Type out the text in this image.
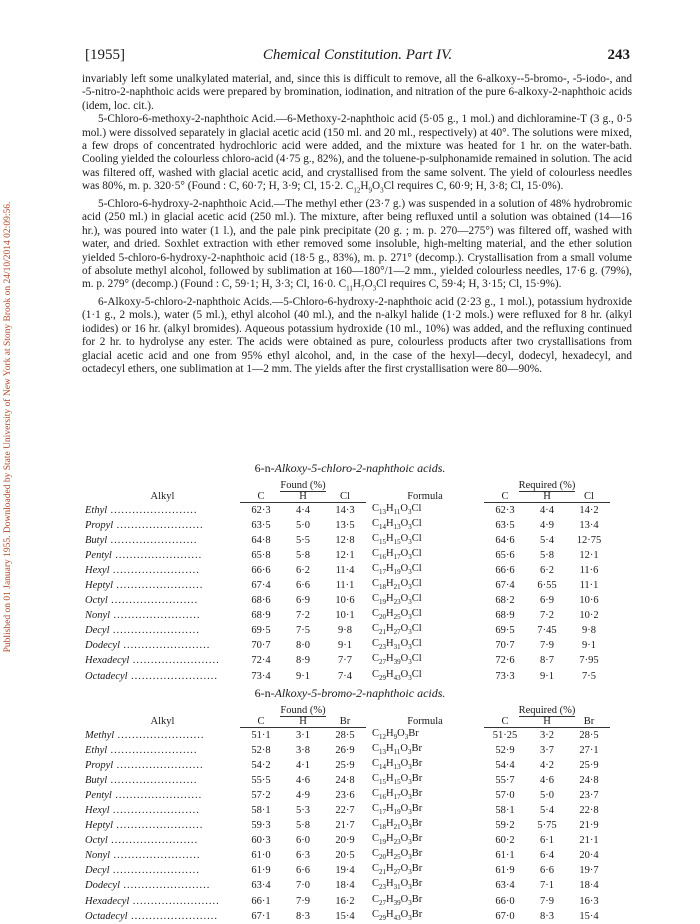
Published on 01 January 1955. Downloaded by State University of New York at Stony Brook on 24/10/2014 02:09:56.
[1955]	Chemical Constitution. Part IV.	243

invariably left some unalkylated material, and, since this is difficult to remove, all the 6-alkoxy--5-bromo-, -5-iodo-, and -5-nitro-2-naphthoic acids were prepared by bromination, iodination, and nitration of the pure 6-alkoxy-2-naphthoic acids (idem, loc. cit.).

5-Chloro-6-methoxy-2-naphthoic Acid.—6-Methoxy-2-naphthoic acid (5·05 g., 1 mol.) and dichloramine-T (3 g., 0·5 mol.) were dissolved separately in glacial acetic acid (150 ml. and 20 ml., respectively) at 40°. The solutions were mixed, a few drops of concentrated hydrochloric acid were added, and the mixture was heated for 1 hr. on the water-bath. Cooling yielded the colourless chloro-acid (4·75 g., 82%), and the toluene-p-sulphonamide remained in solution. The acid was filtered off, washed with glacial acetic acid, and crystallised from the same solvent. The yield of colourless needles was 80%, m. p. 320·5° (Found : C, 60·7; H, 3·9; Cl, 15·2. $C_{12}H_9O_3Cl$ requires C, 60·9; H, 3·8; Cl, 15·0%).

5-Chloro-6-hydroxy-2-naphthoic Acid.—The methyl ether (23·7 g.) was suspended in a solution of 48% hydrobromic acid (250 ml.) in glacial acetic acid (250 ml.). The mixture, after being refluxed until a solution was obtained (14—16 hr.), was poured into water (1 l.), and the pale pink precipitate (20 g. ; m. p. 270—275°) was filtered off, washed with water, and dried. Soxhlet extraction with ether removed some insoluble, high-melting material, and the ether solution yielded 5-chloro-6-hydroxy-2-naphthoic acid (18·5 g., 83%), m. p. 271° (decomp.). Crystallisation from a small volume of absolute methyl alcohol, followed by sublimation at 160—180°/1—2 mm., yielded colourless needles, 17·6 g. (79%), m. p. 279° (decomp.) (Found : C, 59·1; H, 3·3; Cl, 16·0. $C_{11}H_7O_3Cl$ requires C, 59·4; H, 3·15; Cl, 15·9%).

6-Alkoxy-5-chloro-2-naphthoic Acids.—5-Chloro-6-hydroxy-2-naphthoic acid (2·23 g., 1 mol.), potassium hydroxide (1·1 g., 2 mols.), water (5 ml.), ethyl alcohol (40 ml.), and the n-alkyl halide (1·2 mols.) were refluxed for 8 hr. (alkyl iodides) or 16 hr. (alkyl bromides). Aqueous potassium hydroxide (10 ml., 10%) was added, and the refluxing continued for 2 hr. to hydrolyse any ester. The acids were obtained as pure, colourless products after two crystallisations from glacial acetic acid and one from 95% ethyl alcohol, and, in the case of the hexyl—decyl, dodecyl, hexadecyl, and octadecyl ethers, one sublimation at 1—2 mm. The yields after the first crystallisation were 80—90%.

6-n-Alkoxy-5-chloro-2-naphthoic acids.
	Found (%)				Required (%)		
Alkyl	C	H	Cl	Formula	C	H	Cl
Ethyl ........................	62·3	4·4	14·3	$C_{13}H_{11}O_3Cl$	62·3	4·4	14·2
Propyl ........................	63·5	5·0	13·5	$C_{14}H_{13}O_3Cl$	63·5	4·9	13·4
Butyl ........................	64·8	5·5	12·8	$C_{15}H_{15}O_3Cl$	64·6	5·4	12·75
Pentyl ........................	65·8	5·8	12·1	$C_{16}H_{17}O_3Cl$	65·6	5·8	12·1
Hexyl ........................	66·6	6·2	11·4	$C_{17}H_{19}O_3Cl$	66·6	6·2	11·6
Heptyl ........................	67·4	6·6	11·1	$C_{18}H_{21}O_3Cl$	67·4	6·55	11·1
Octyl ........................	68·6	6·9	10·6	$C_{19}H_{23}O_3Cl$	68·2	6·9	10·6
Nonyl ........................	68·9	7·2	10·1	$C_{20}H_{25}O_3Cl$	68·9	7·2	10·2
Decyl ........................	69·5	7·5	9·8	$C_{21}H_{27}O_3Cl$	69·5	7·45	9·8
Dodecyl ........................	70·7	8·0	9·1	$C_{23}H_{31}O_3Cl$	70·7	7·9	9·1
Hexadecyl ........................	72·4	8·9	7·7	$C_{27}H_{39}O_3Cl$	72·6	8·7	7·95
Octadecyl ........................	73·4	9·1	7·4	$C_{29}H_{43}O_3Cl$	73·3	9·1	7·5
6-n-Alkoxy-5-bromo-2-naphthoic acids.
	Found (%)				Required (%)		
Alkyl	C	H	Br	Formula	C	H	Br
Methyl ........................	51·1	3·1	28·5	$C_{12}H_9O_3Br$	51·25	3·2	28·5
Ethyl ........................	52·8	3·8	26·9	$C_{13}H_{11}O_3Br$	52·9	3·7	27·1
Propyl ........................	54·2	4·1	25·9	$C_{14}H_{13}O_3Br$	54·4	4·2	25·9
Butyl ........................	55·5	4·6	24·8	$C_{15}H_{15}O_3Br$	55·7	4·6	24·8
Pentyl ........................	57·2	4·9	23·6	$C_{16}H_{17}O_3Br$	57·0	5·0	23·7
Hexyl ........................	58·1	5·3	22·7	$C_{17}H_{19}O_3Br$	58·1	5·4	22·8
Heptyl ........................	59·3	5·8	21·7	$C_{18}H_{21}O_3Br$	59·2	5·75	21·9
Octyl ........................	60·3	6·0	20·9	$C_{19}H_{23}O_3Br$	60·2	6·1	21·1
Nonyl ........................	61·0	6·3	20·5	$C_{20}H_{25}O_3Br$	61·1	6·4	20·4
Decyl ........................	61·9	6·6	19·4	$C_{21}H_{27}O_3Br$	61·9	6·6	19·7
Dodecyl ........................	63·4	7·0	18·4	$C_{23}H_{31}O_3Br$	63·4	7·1	18·4
Hexadecyl ........................	66·1	7·9	16·2	$C_{27}H_{39}O_3Br$	66·0	7·9	16·3
Octadecyl ........................	67·1	8·3	15·4	$C_{29}H_{43}O_3Br$	67·0	8·3	15·4
